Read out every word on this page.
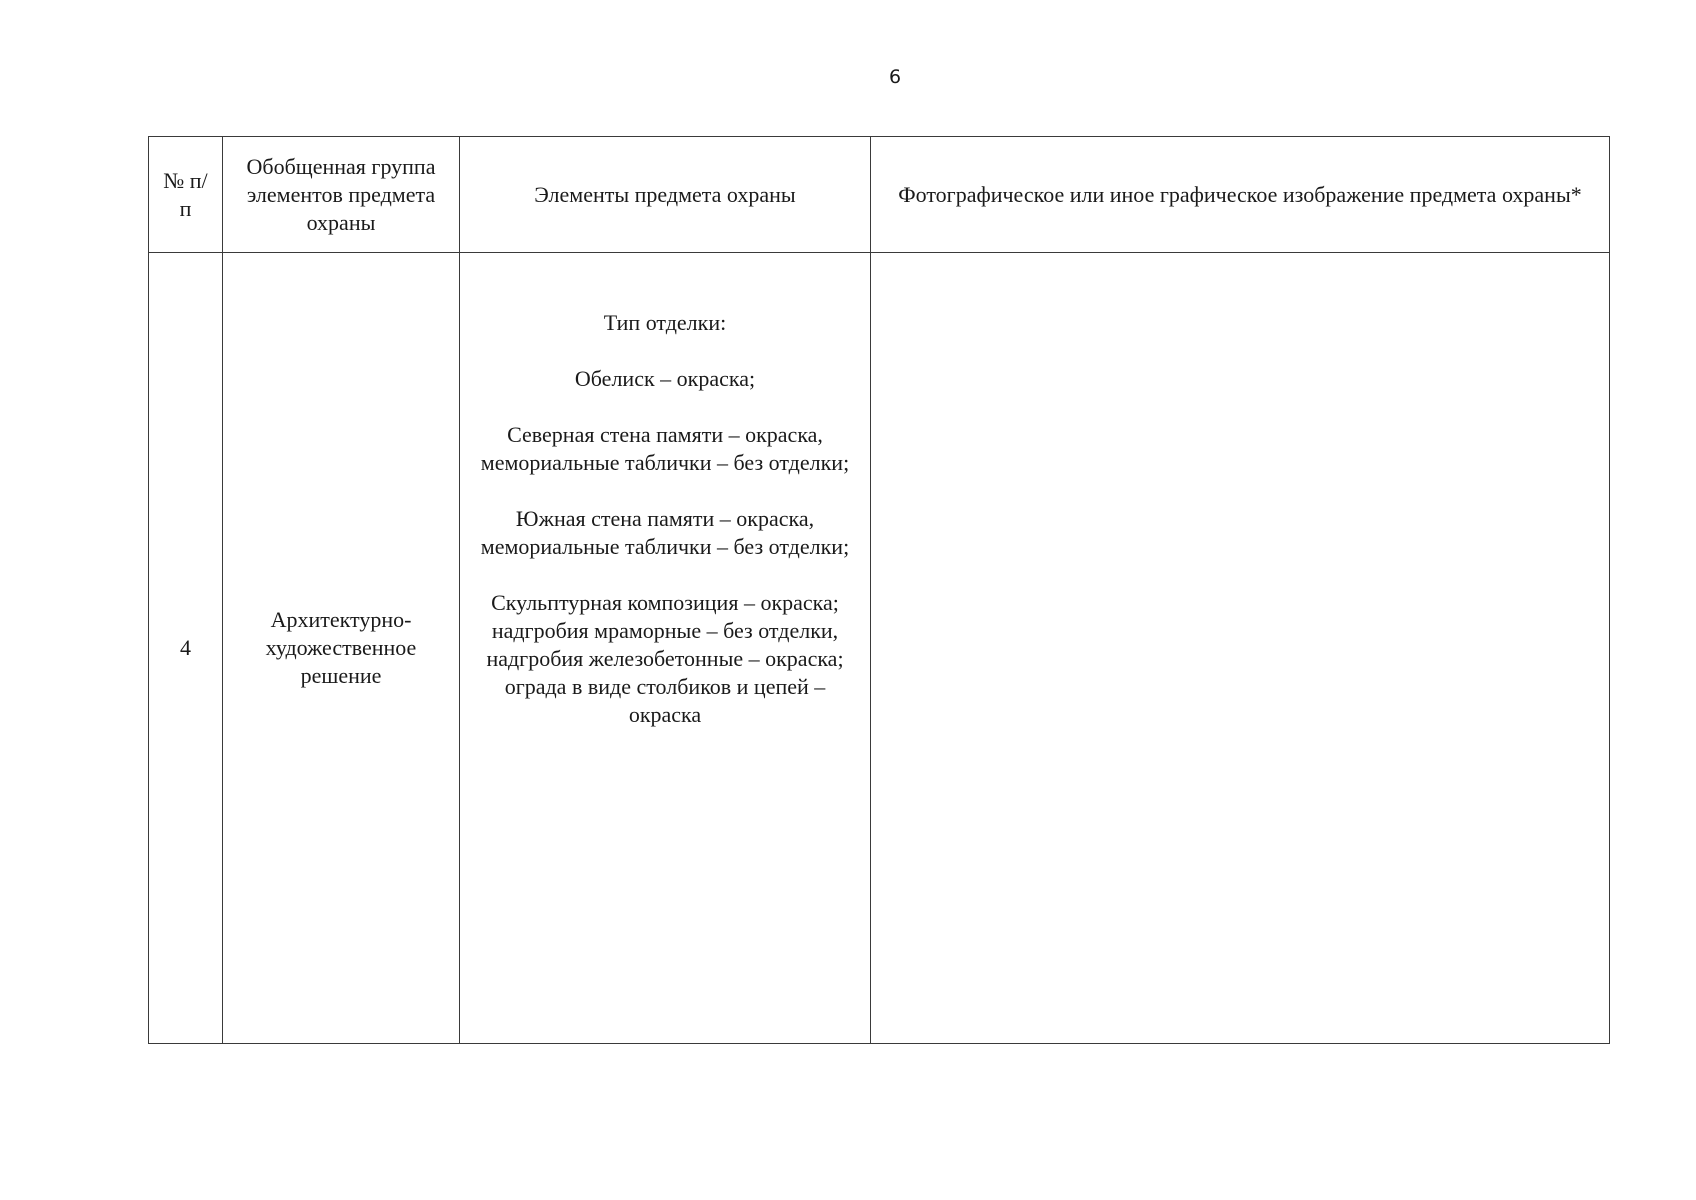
6
№ п/п	Обобщенная группа элементов предмета охраны	Элементы предмета охраны	Фотографическое или иное графическое изображение предмета охраны*
4	Архитектурно-художественное решение	Тип отделки:

Обелиск – окраска;

Северная стена памяти – окраска, мемориальные таблички – без отделки;

Южная стена памяти – окраска, мемориальные таблички – без отделки;

Скульптурная композиция – окраска; надгробия мраморные – без отделки, надгробия железобетонные – окраска; ограда в виде столбиков и цепей – окраска	
